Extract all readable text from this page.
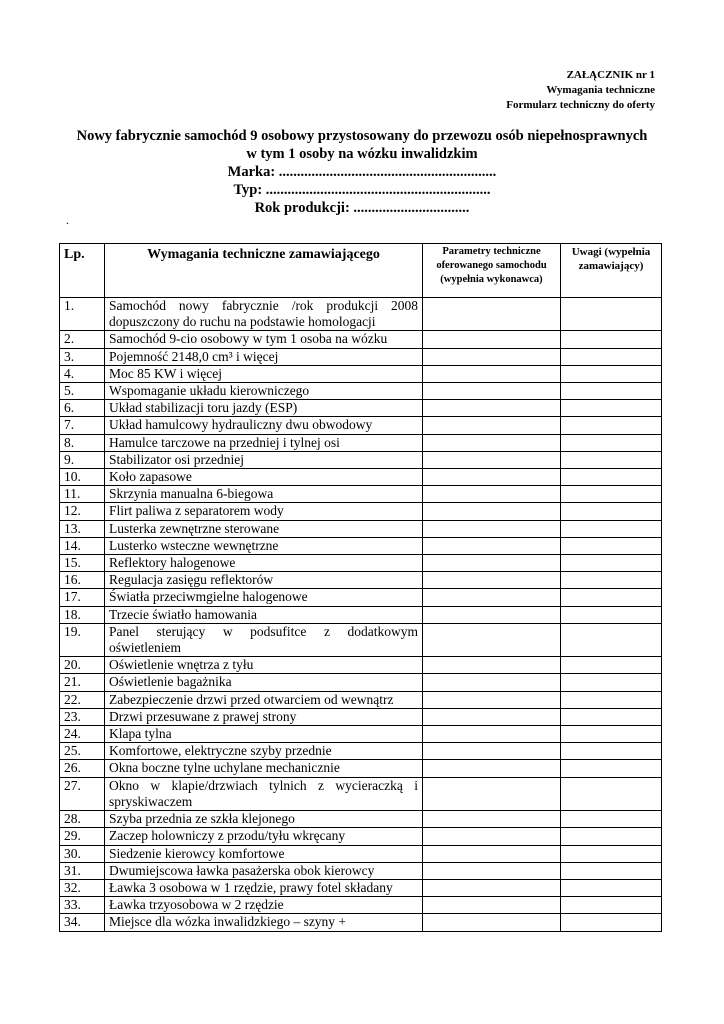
ZAŁĄCZNIK nr 1
Wymagania techniczne
Formularz techniczny do oferty
Nowy fabrycznie samochód 9 osobowy przystosowany do przewozu osób niepełnosprawnych
w tym 1 osoby na wózku inwalidzkim
Marka: ............................................................
Typ: ..............................................................
Rok produkcji: ................................
.
Lp.	Wymagania techniczne zamawiającego	Parametry techniczne oferowanego samochodu (wypełnia wykonawca)	Uwagi (wypełnia zamawiający)
1.	Samochód nowy fabrycznie /rok produkcji 2008 dopuszczony do ruchu na podstawie homologacji		
2.	Samochód 9-cio osobowy w tym 1 osoba na wózku		
3.	Pojemność 2148,0 cm³ i więcej		
4.	Moc 85 KW i więcej		
5.	Wspomaganie układu kierowniczego		
6.	Układ stabilizacji toru jazdy (ESP)		
7.	Układ hamulcowy hydrauliczny dwu obwodowy		
8.	Hamulce tarczowe na przedniej i tylnej osi		
9.	Stabilizator osi przedniej		
10.	Koło zapasowe		
11.	Skrzynia manualna 6-biegowa		
12.	Flirt paliwa z separatorem wody		
13.	Lusterka zewnętrzne sterowane		
14.	Lusterko wsteczne wewnętrzne		
15.	Reflektory halogenowe		
16.	Regulacja zasięgu reflektorów		
17.	Światła przeciwmgielne halogenowe		
18.	Trzecie światło hamowania		
19.	Panel sterujący w podsufitce z dodatkowym oświetleniem		
20.	Oświetlenie wnętrza z tyłu		
21.	Oświetlenie bagażnika		
22.	Zabezpieczenie drzwi przed otwarciem od wewnątrz		
23.	Drzwi przesuwane z prawej strony		
24.	Klapa tylna		
25.	Komfortowe, elektryczne szyby przednie		
26.	Okna boczne tylne uchylane mechanicznie		
27.	Okno w klapie/drzwiach tylnich z wycieraczką i spryskiwaczem		
28.	Szyba przednia ze szkła klejonego		
29.	Zaczep holowniczy z przodu/tyłu wkręcany		
30.	Siedzenie kierowcy komfortowe		
31.	Dwumiejscowa ławka pasażerska obok kierowcy		
32.	Ławka 3 osobowa w 1 rzędzie, prawy fotel składany		
33.	Ławka trzyosobowa w 2 rzędzie		
34.	Miejsce dla wózka inwalidzkiego – szyny +		
